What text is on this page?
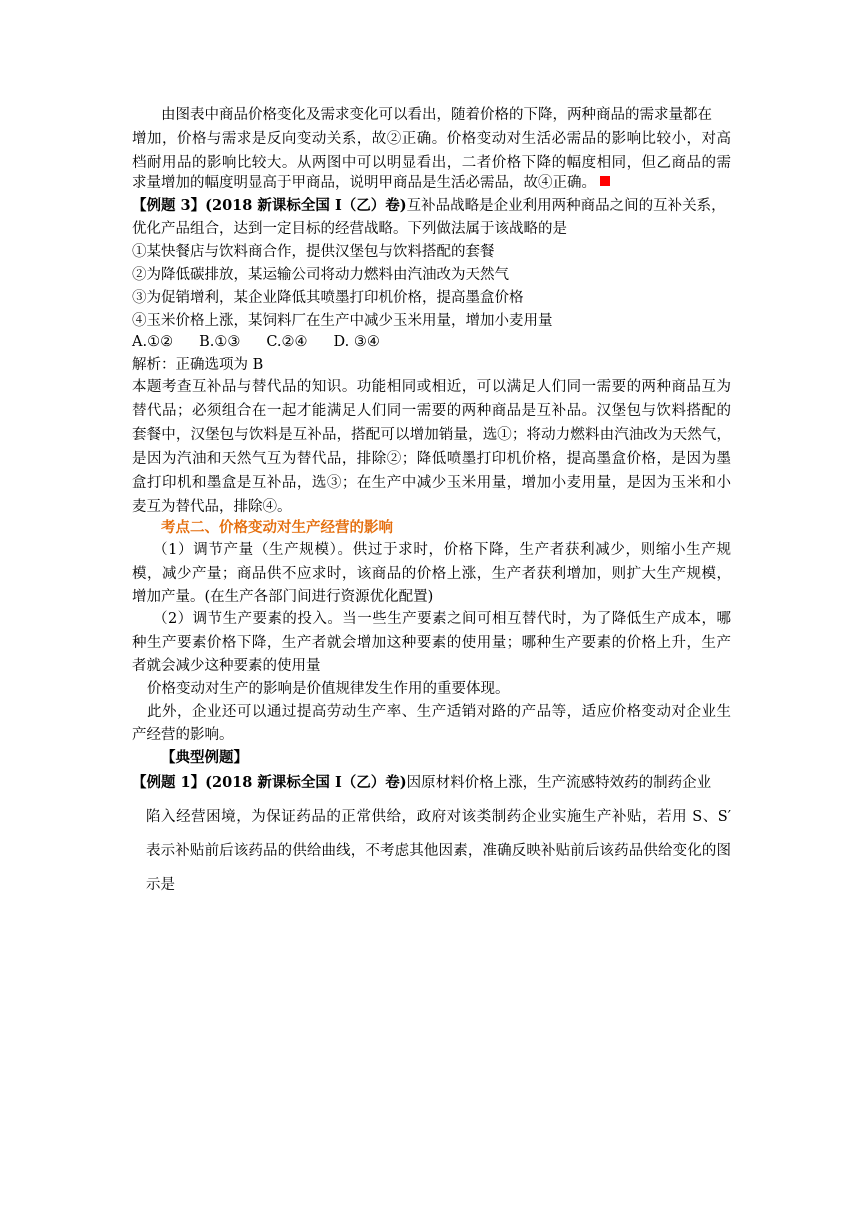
由图表中商品价格变化及需求变化可以看出，随着价格的下降，两种商品的需求量都在
增加，价格与需求是反向变动关系，故②正确。价格变动对生活必需品的影响比较小，对高
档耐用品的影响比较大。从两图中可以明显看出，二者价格下降的幅度相同，但乙商品的需
求量增加的幅度明显高于甲商品，说明甲商品是生活必需品，故④正确。
【例题 3】(2018 新课标全国 I（乙）卷)互补品战略是企业利用两种商品之间的互补关系，
优化产品组合，达到一定目标的经营战略。下列做法属于该战略的是
①某快餐店与饮料商合作，提供汉堡包与饮料搭配的套餐
②为降低碳排放，某运输公司将动力燃料由汽油改为天然气
③为促销增利，某企业降低其喷墨打印机价格，提高墨盒价格
④玉米价格上涨，某饲料厂在生产中减少玉米用量，增加小麦用量
A.①② B.①③ C.②④ D. ③④
解析：正确选项为 B
本题考查互补品与替代品的知识。功能相同或相近，可以满足人们同一需要的两种商品互为
替代品；必须组合在一起才能满足人们同一需要的两种商品是互补品。汉堡包与饮料搭配的
套餐中，汉堡包与饮料是互补品，搭配可以增加销量，选①；将动力燃料由汽油改为天然气，
是因为汽油和天然气互为替代品，排除②；降低喷墨打印机价格，提高墨盒价格，是因为墨
盒打印机和墨盒是互补品，选③；在生产中减少玉米用量，增加小麦用量，是因为玉米和小
麦互为替代品，排除④。
考点二、价格变动对生产经营的影响
（1）调节产量（生产规模）。供过于求时，价格下降，生产者获利减少，则缩小生产规
模，减少产量；商品供不应求时，该商品的价格上涨，生产者获利增加，则扩大生产规模，
增加产量。(在生产各部门间进行资源优化配置)
（2）调节生产要素的投入。当一些生产要素之间可相互替代时，为了降低生产成本，哪
种生产要素价格下降，生产者就会增加这种要素的使用量；哪种生产要素的价格上升，生产
者就会减少这种要素的使用量
价格变动对生产的影响是价值规律发生作用的重要体现。
此外，企业还可以通过提高劳动生产率、生产适销对路的产品等，适应价格变动对企业生
产经营的影响。
【典型例题】
【例题 1】(2018 新课标全国 I（乙）卷)因原材料价格上涨，生产流感特效药的制药企业
陷入经营困境，为保证药品的正常供给，政府对该类制药企业实施生产补贴，若用 S、S′
表示补贴前后该药品的供给曲线，不考虑其他因素，准确反映补贴前后该药品供给变化的图
示是
